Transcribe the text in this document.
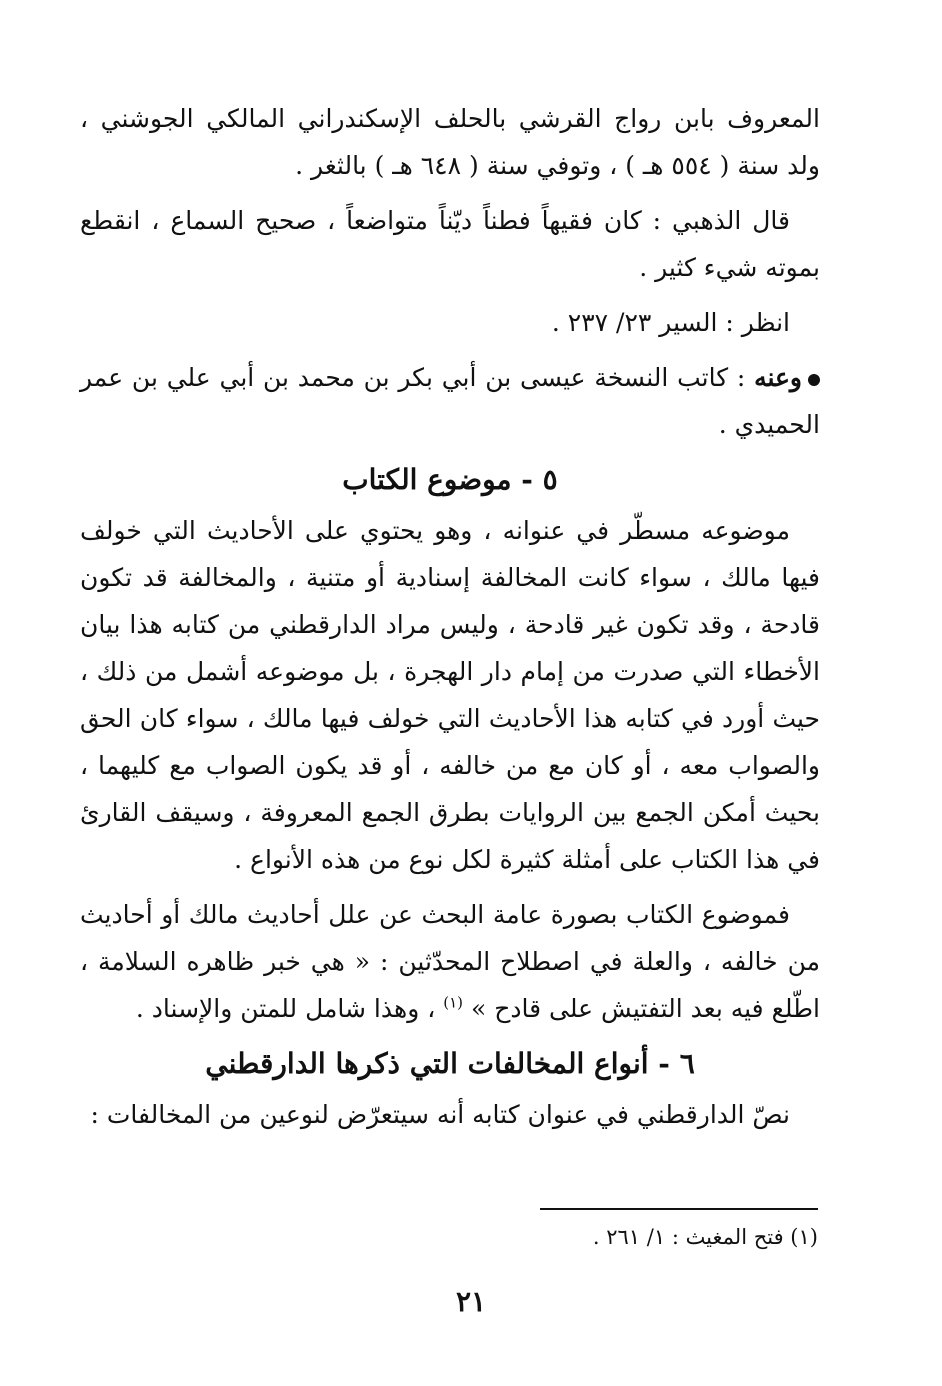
المعروف بابن رواج القرشي بالحلف الإسكندراني المالكي الجوشني ، ولد سنة ( ٥٥٤ هـ ) ، وتوفي سنة ( ٦٤٨ هـ ) بالثغر .

قال الذهبي : كان فقيهاً فطناً ديّناً متواضعاً ، صحيح السماع ، انقطع بموته شيء كثير .

انظر : السير ٢٣/ ٢٣٧ .

وعنه : كاتب النسخة عيسى بن أبي بكر بن محمد بن أبي علي بن عمر الحميدي .

٥ - موضوع الكتاب

موضوعه مسطّر في عنوانه ، وهو يحتوي على الأحاديث التي خولف فيها مالك ، سواء كانت المخالفة إسنادية أو متنية ، والمخالفة قد تكون قادحة ، وقد تكون غير قادحة ، وليس مراد الدارقطني من كتابه هذا بيان الأخطاء التي صدرت من إمام دار الهجرة ، بل موضوعه أشمل من ذلك ، حيث أورد في كتابه هذا الأحاديث التي خولف فيها مالك ، سواء كان الحق والصواب معه ، أو كان مع من خالفه ، أو قد يكون الصواب مع كليهما ، بحيث أمكن الجمع بين الروايات بطرق الجمع المعروفة ، وسيقف القارئ في هذا الكتاب على أمثلة كثيرة لكل نوع من هذه الأنواع .

فموضوع الكتاب بصورة عامة البحث عن علل أحاديث مالك أو أحاديث من خالفه ، والعلة في اصطلاح المحدّثين : « هي خبر ظاهره السلامة ، اطّلع فيه بعد التفتيش على قادح » $^{(١)}$ ، وهذا شامل للمتن والإسناد .

٦ - أنواع المخالفات التي ذكرها الدارقطني

نصّ الدارقطني في عنوان كتابه أنه سيتعرّض لنوعين من المخالفات :

(١) فتح المغيث : ١/ ٢٦١ .
٢١
